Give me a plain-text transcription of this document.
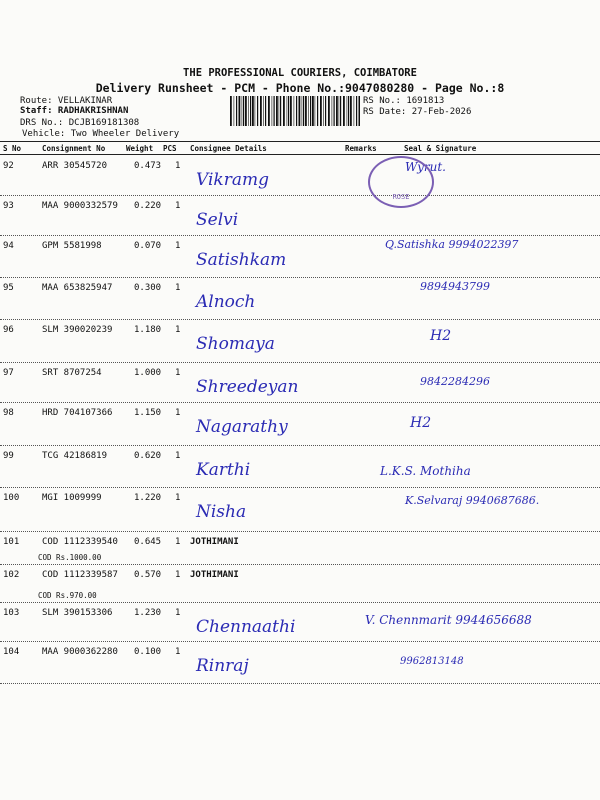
THE PROFESSIONAL COURIERS, COIMBATORE
Delivery Runsheet - PCM - Phone No.:9047080280 - Page No.:8
Route: VELLAKINAR
Staff: RADHAKRISHNAN
DRS No.: DCJB169181308
Vehicle: Two Wheeler Delivery
RS No.: 1691813
RS Date: 27-Feb-2026
S No	Consignment No	Weight PCS Consignee Details	Remarks	Seal & Signature
92	ARR 30545720	0.473 1
Vikramg
Wyrut.
93	MAA 9000332579 0.220 1
Selvi
94	GPM 5581998	0.070 1
Satishkam
Q.Satishka 9994022397
95	MAA 653825947 0.300 1
Alnoch
9894943799
96	SLM 390020239 1.180 1
Shomaya	H2
97	SRT 8707254	1.000 1
Shreedeyan	9842284296
98	HRD 704107366 1.150 1
Nagarathy	H2
99	TCG 42186819	0.620 1
Karthi	L.K.S. Mothiha
100	MGI 1009999	1.220 1
Nisha
K.Selvaraj 9940687686.
101	COD 1112339540 0.645 1 JOTHIMANI
COD Rs.1000.00
102	COD 1112339587 0.570 1 JOTHIMANI
COD Rs.970.00
103	SLM 390153306 1.230 1
Chennaathi	V. Chennmarit 9944656688
104	MAA 9000362280 0.100 1
Rinraj	9962813148
ROSE
